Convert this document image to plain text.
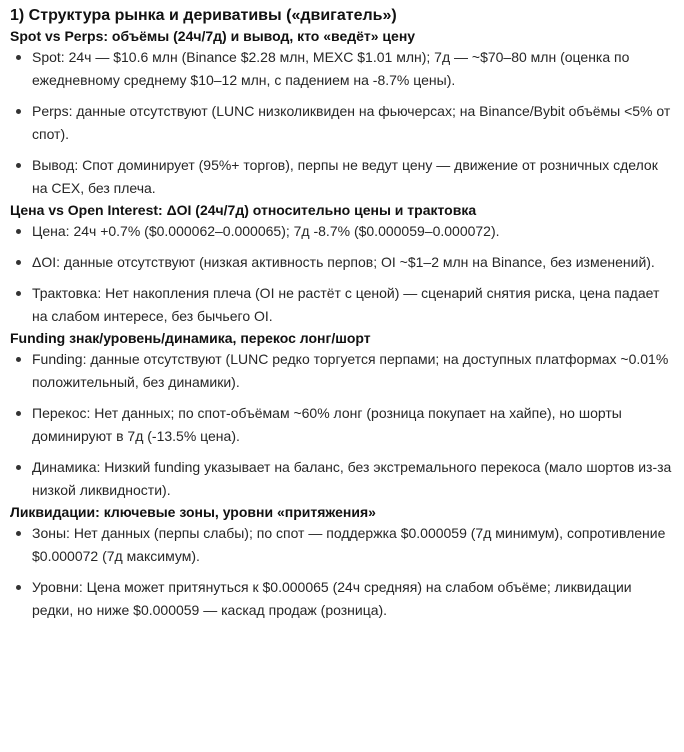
1) Структура рынка и деривативы («двигатель»)
Spot vs Perps: объёмы (24ч/7д) и вывод, кто «ведёт» цену
Spot: 24ч — $10.6 млн (Binance $2.28 млн, MEXC $1.01 млн); 7д — ~$70–80 млн (оценка по ежедневному среднему $10–12 млн, с падением на -8.7% цены).
Perps: данные отсутствуют (LUNC низколиквиден на фьючерсах; на Binance/Bybit объёмы <5% от спот).
Вывод: Спот доминирует (95%+ торгов), перпы не ведут цену — движение от розничных сделок на CEX, без плеча.
Цена vs Open Interest: ΔOI (24ч/7д) относительно цены и трактовка
Цена: 24ч +0.7% ($0.000062–0.000065); 7д -8.7% ($0.000059–0.000072).
ΔOI: данные отсутствуют (низкая активность перпов; OI ~$1–2 млн на Binance, без изменений).
Трактовка: Нет накопления плеча (OI не растёт с ценой) — сценарий снятия риска, цена падает на слабом интересе, без бычьего OI.
Funding знак/уровень/динамика, перекос лонг/шорт
Funding: данные отсутствуют (LUNC редко торгуется перпами; на доступных платформах ~0.01% положительный, без динамики).
Перекос: Нет данных; по спот-объёмам ~60% лонг (розница покупает на хайпе), но шорты доминируют в 7д (-13.5% цена).
Динамика: Низкий funding указывает на баланс, без экстремального перекоса (мало шортов из-за низкой ликвидности).
Ликвидации: ключевые зоны, уровни «притяжения»
Зоны: Нет данных (перпы слабы); по спот — поддержка $0.000059 (7д минимум), сопротивление $0.000072 (7д максимум).
Уровни: Цена может притянуться к $0.000065 (24ч средняя) на слабом объёме; ликвидации редки, но ниже $0.000059 — каскад продаж (розница).
